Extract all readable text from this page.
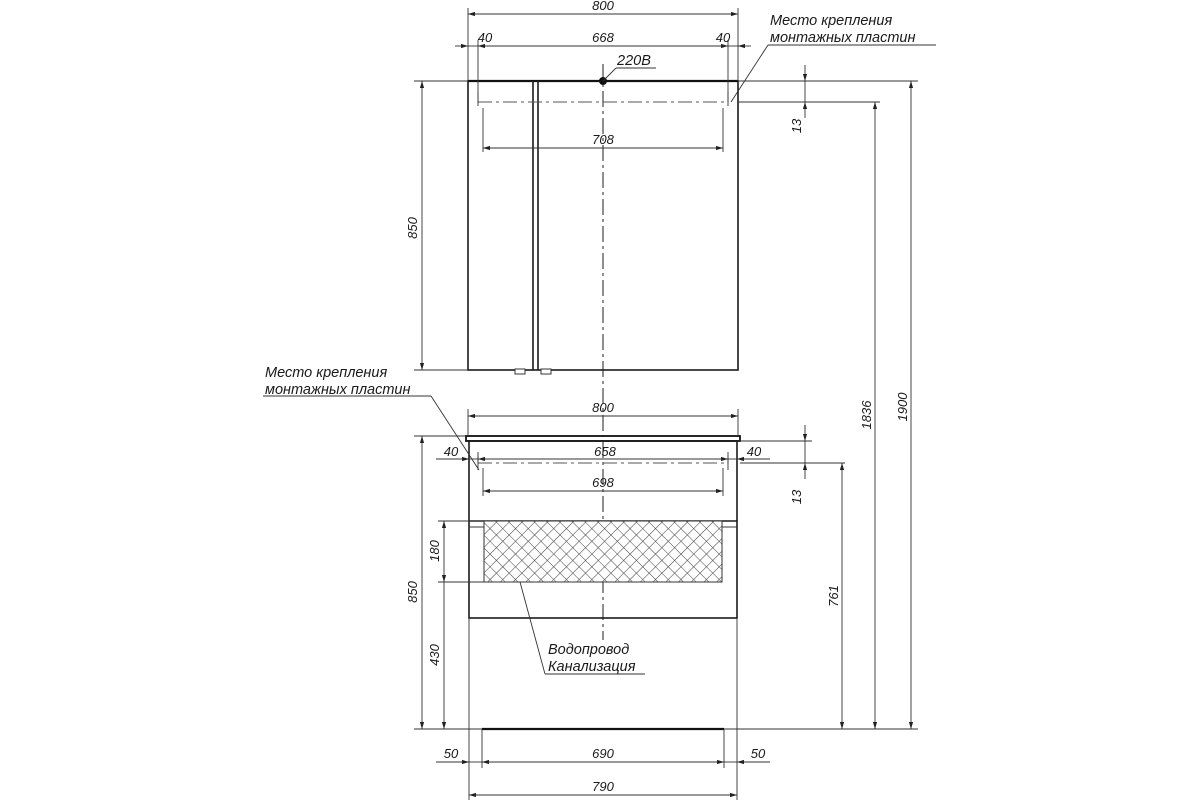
800
40	668	40
708
220В
Место крепления
монтажных пластин
850
13
800
40	658	40
698
Место крепления
монтажных пластин
13
850
180
430	Водопровод
Канализация
761
1836 1900
50	690	50
790
